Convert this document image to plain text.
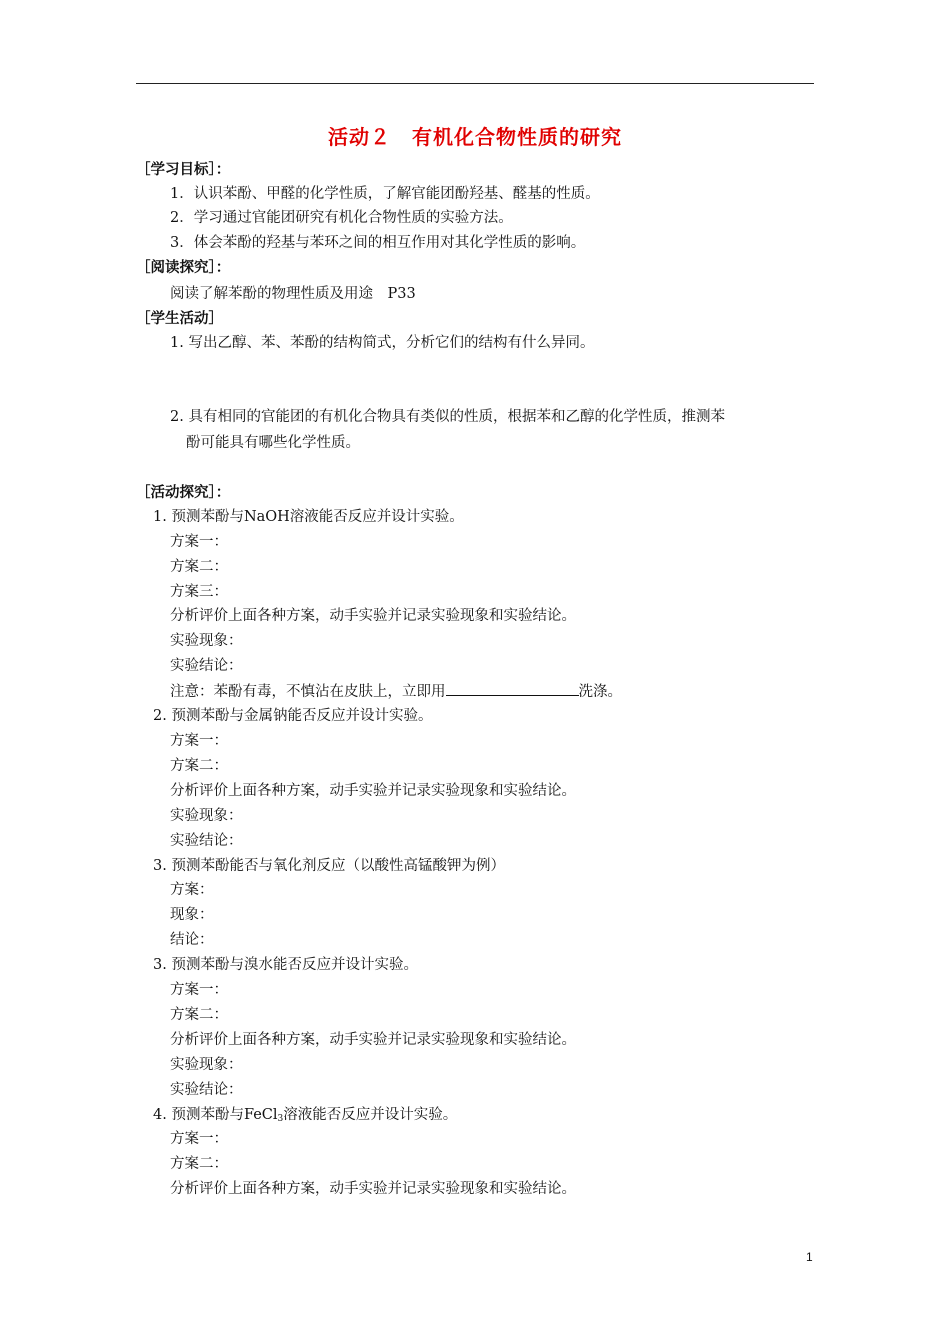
活动２　有机化合物性质的研究
［学习目标］：
1．认识苯酚、甲醛的化学性质，了解官能团酚羟基、醛基的性质。
2．学习通过官能团研究有机化合物性质的实验方法。
3．体会苯酚的羟基与苯环之间的相互作用对其化学性质的影响。
［阅读探究］：
阅读了解苯酚的物理性质及用途　P33
［学生活动］
1. 写出乙醇、苯、苯酚的结构简式，分析它们的结构有什么异同。
2. 具有相同的官能团的有机化合物具有类似的性质，根据苯和乙醇的化学性质，推测苯
酚可能具有哪些化学性质。
［活动探究］：
1. 预测苯酚与NaOH溶液能否反应并设计实验。
方案一：
方案二：
方案三：
分析评价上面各种方案，动手实验并记录实验现象和实验结论。
实验现象：
实验结论：
注意：苯酚有毒，不慎沾在皮肤上，立即用	洗涤。
2. 预测苯酚与金属钠能否反应并设计实验。
方案一：
方案二：
分析评价上面各种方案，动手实验并记录实验现象和实验结论。
实验现象：
实验结论：
3. 预测苯酚能否与氧化剂反应（以酸性高锰酸钾为例）
方案：
现象：
结论：
3. 预测苯酚与溴水能否反应并设计实验。
方案一：
方案二：
分析评价上面各种方案，动手实验并记录实验现象和实验结论。
实验现象：
实验结论：
4. 预测苯酚与FeCl$_3$溶液能否反应并设计实验。
方案一：
方案二：
分析评价上面各种方案，动手实验并记录实验现象和实验结论。
1
